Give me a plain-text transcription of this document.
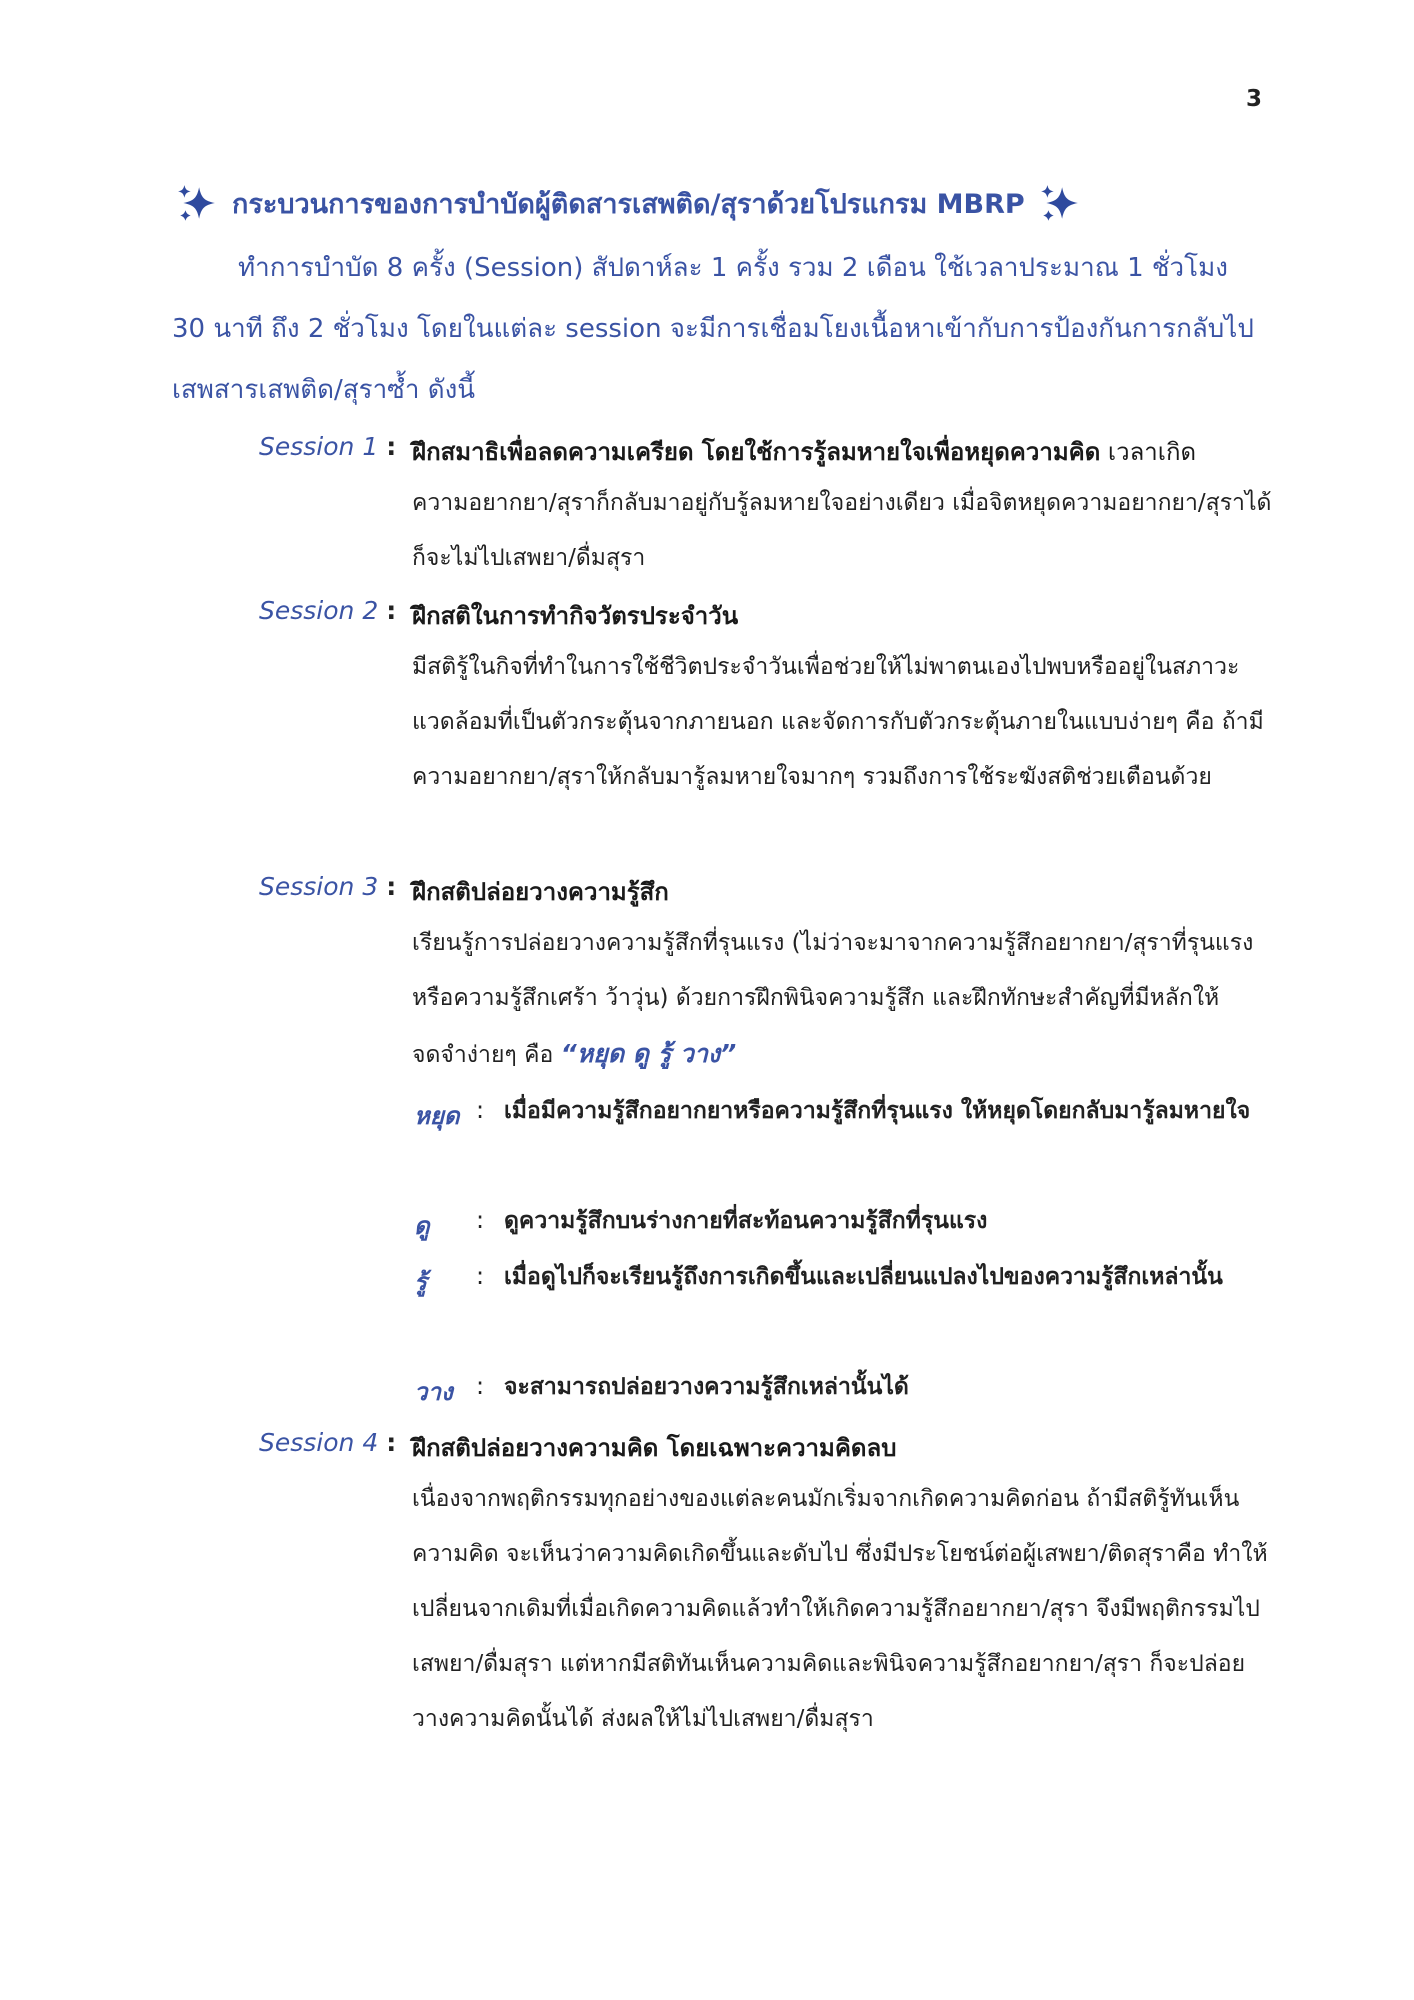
3
กระบวนการของการบำบัดผู้ติดสารเสพติด/สุราด้วยโปรแกรม MBRP

ทำการบำบัด 8 ครั้ง (Session) สัปดาห์ละ 1 ครั้ง รวม 2 เดือน ใช้เวลาประมาณ 1 ชั่วโมง 30 นาที ถึง 2 ชั่วโมง โดยในแต่ละ session จะมีการเชื่อมโยงเนื้อหาเข้ากับการป้องกันการกลับไปเสพสารเสพติด/สุราซ้ำ ดังนี้

Session 1 : ฝึกสมาธิเพื่อลดความเครียด โดยใช้การรู้ลมหายใจเพื่อหยุดความคิด เวลาเกิด

ความอยากยา/สุราก็กลับมาอยู่กับรู้ลมหายใจอย่างเดียว เมื่อจิตหยุดความอยากยา/สุราได้ ก็จะไม่ไปเสพยา/ดื่มสุรา

Session 2 : ฝึกสติในการทำกิจวัตรประจำวัน

มีสติรู้ในกิจที่ทำในการใช้ชีวิตประจำวันเพื่อช่วยให้ไม่พาตนเองไปพบหรืออยู่ในสภาวะแวดล้อมที่เป็นตัวกระตุ้นจากภายนอก และจัดการกับตัวกระตุ้นภายในแบบง่ายๆ คือ ถ้ามีความอยากยา/สุราให้กลับมารู้ลมหายใจมากๆ รวมถึงการใช้ระฆังสติช่วยเตือนด้วย

Session 3 : ฝึกสติปล่อยวางความรู้สึก

เรียนรู้การปล่อยวางความรู้สึกที่รุนแรง (ไม่ว่าจะมาจากความรู้สึกอยากยา/สุราที่รุนแรงหรือความรู้สึกเศร้า ว้าวุ่น) ด้วยการฝึกพินิจความรู้สึก และฝึกทักษะสำคัญที่มีหลักให้จดจำง่ายๆ คือ “หยุด ดู รู้ วาง”

หยุด : เมื่อมีความรู้สึกอยากยาหรือความรู้สึกที่รุนแรง ให้หยุดโดยกลับมารู้ลมหายใจ

ดู	: ดูความรู้สึกบนร่างกายที่สะท้อนความรู้สึกที่รุนแรง

รู้	: เมื่อดูไปก็จะเรียนรู้ถึงการเกิดขึ้นและเปลี่ยนแปลงไปของความรู้สึกเหล่านั้น

วาง : จะสามารถปล่อยวางความรู้สึกเหล่านั้นได้

Session 4 : ฝึกสติปล่อยวางความคิด โดยเฉพาะความคิดลบ

เนื่องจากพฤติกรรมทุกอย่างของแต่ละคนมักเริ่มจากเกิดความคิดก่อน ถ้ามีสติรู้ทันเห็นความคิด จะเห็นว่าความคิดเกิดขึ้นและดับไป ซึ่งมีประโยชน์ต่อผู้เสพยา/ติดสุราคือ ทำให้เปลี่ยนจากเดิมที่เมื่อเกิดความคิดแล้วทำให้เกิดความรู้สึกอยากยา/สุรา จึงมีพฤติกรรมไปเสพยา/ดื่มสุรา แต่หากมีสติทันเห็นความคิดและพินิจความรู้สึกอยากยา/สุรา ก็จะปล่อยวางความคิดนั้นได้ ส่งผลให้ไม่ไปเสพยา/ดื่มสุรา
